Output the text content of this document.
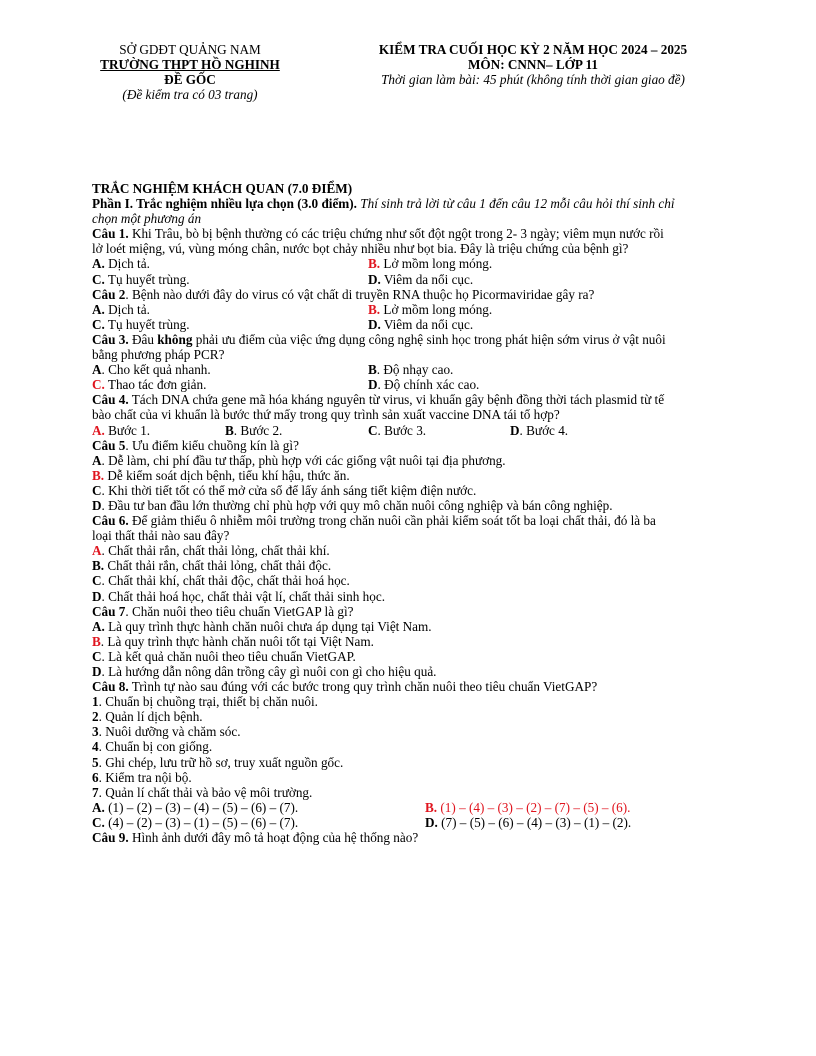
SỞ GDĐT QUẢNG NAM
TRƯỜNG THPT HỒ NGHINH
ĐỀ GỐC
(Đề kiểm tra có 03 trang)
KIỂM TRA CUỐI HỌC KỲ 2 NĂM HỌC 2024 – 2025
MÔN: CNNN– LỚP 11
Thời gian làm bài: 45 phút (không tính thời gian giao đề)
TRẮC NGHIỆM KHÁCH QUAN (7.0 ĐIỂM)
Phần I. Trắc nghiệm nhiều lựa chọn (3.0 điểm). Thí sinh trả lời từ câu 1 đến câu 12 mỗi câu hỏi thí sinh chỉ
chọn một phương án
Câu 1. Khi Trâu, bò bị bệnh thường có các triệu chứng như sốt đột ngột trong 2- 3 ngày; viêm mụn nước rồi
lở loét miệng, vú, vùng móng chân, nước bọt chảy nhiều như bọt bia. Đây là triệu chứng của bệnh gì?
A. Dịch tả.	B. Lở mồm long móng.
C. Tụ huyết trùng.	D. Viêm da nổi cục.
Câu 2. Bệnh nào dưới đây do virus có vật chất di truyền RNA thuộc họ Picormaviridae gây ra?
A. Dịch tả.	B. Lở mồm long móng.
C. Tụ huyết trùng.	D. Viêm da nổi cục.
Câu 3. Đâu không phải ưu điểm của việc ứng dụng công nghệ sinh học trong phát hiện sớm virus ở vật nuôi
bằng phương pháp PCR?
A. Cho kết quả nhanh.	B. Độ nhạy cao.
C. Thao tác đơn giản.	D. Độ chính xác cao.
Câu 4. Tách DNA chứa gene mã hóa kháng nguyên từ virus, vi khuẩn gây bệnh đồng thời tách plasmid từ tế
bào chất của vi khuẩn là bước thứ mấy trong quy trình sản xuất vaccine DNA tái tổ hợp?
A. Bước 1.	B. Bước 2.	C. Bước 3.	D. Bước 4.
Câu 5. Ưu điểm kiểu chuồng kín là gì?
A. Dễ làm, chi phí đầu tư thấp, phù hợp với các giống vật nuôi tại địa phương.
B. Dễ kiểm soát dịch bệnh, tiểu khí hậu, thức ăn.
C. Khi thời tiết tốt có thể mở cửa sổ để lấy ánh sáng tiết kiệm điện nước.
D. Đầu tư ban đầu lớn thường chỉ phù hợp với quy mô chăn nuôi công nghiệp và bán công nghiệp.
Câu 6. Để giảm thiểu ô nhiễm môi trường trong chăn nuôi cần phải kiểm soát tốt ba loại chất thải, đó là ba
loại thất thải nào sau đây?
A. Chất thải rắn, chất thải lỏng, chất thải khí.
B. Chất thải rắn, chất thải lỏng, chất thải độc.
C. Chất thải khí, chất thải độc, chất thải hoá học.
D. Chất thải hoá học, chất thải vật lí, chất thải sinh học.
Câu 7. Chăn nuôi theo tiêu chuẩn VietGAP là gì?
A. Là quy trình thực hành chăn nuôi chưa áp dụng tại Việt Nam.
B. Là quy trình thực hành chăn nuôi tốt tại Việt Nam.
C. Là kết quả chăn nuôi theo tiêu chuẩn VietGAP.
D. Là hướng dẫn nông dân trồng cây gì nuôi con gì cho hiệu quả.
Câu 8. Trình tự nào sau đúng với các bước trong quy trình chăn nuôi theo tiêu chuẩn VietGAP?
1. Chuẩn bị chuồng trại, thiết bị chăn nuôi.
2. Quản lí dịch bệnh.
3. Nuôi dưỡng và chăm sóc.
4. Chuẩn bị con giống.
5. Ghi chép, lưu trữ hồ sơ, truy xuất nguồn gốc.
6. Kiểm tra nội bộ.
7. Quản lí chất thải và bảo vệ môi trường.
A. (1) – (2) – (3) – (4) – (5) – (6) – (7).	B. (1) – (4) – (3) – (2) – (7) – (5) – (6).
C. (4) – (2) – (3) – (1) – (5) – (6) – (7).	D. (7) – (5) – (6) – (4) – (3) – (1) – (2).
Câu 9. Hình ảnh dưới đây mô tả hoạt động của hệ thống nào?
